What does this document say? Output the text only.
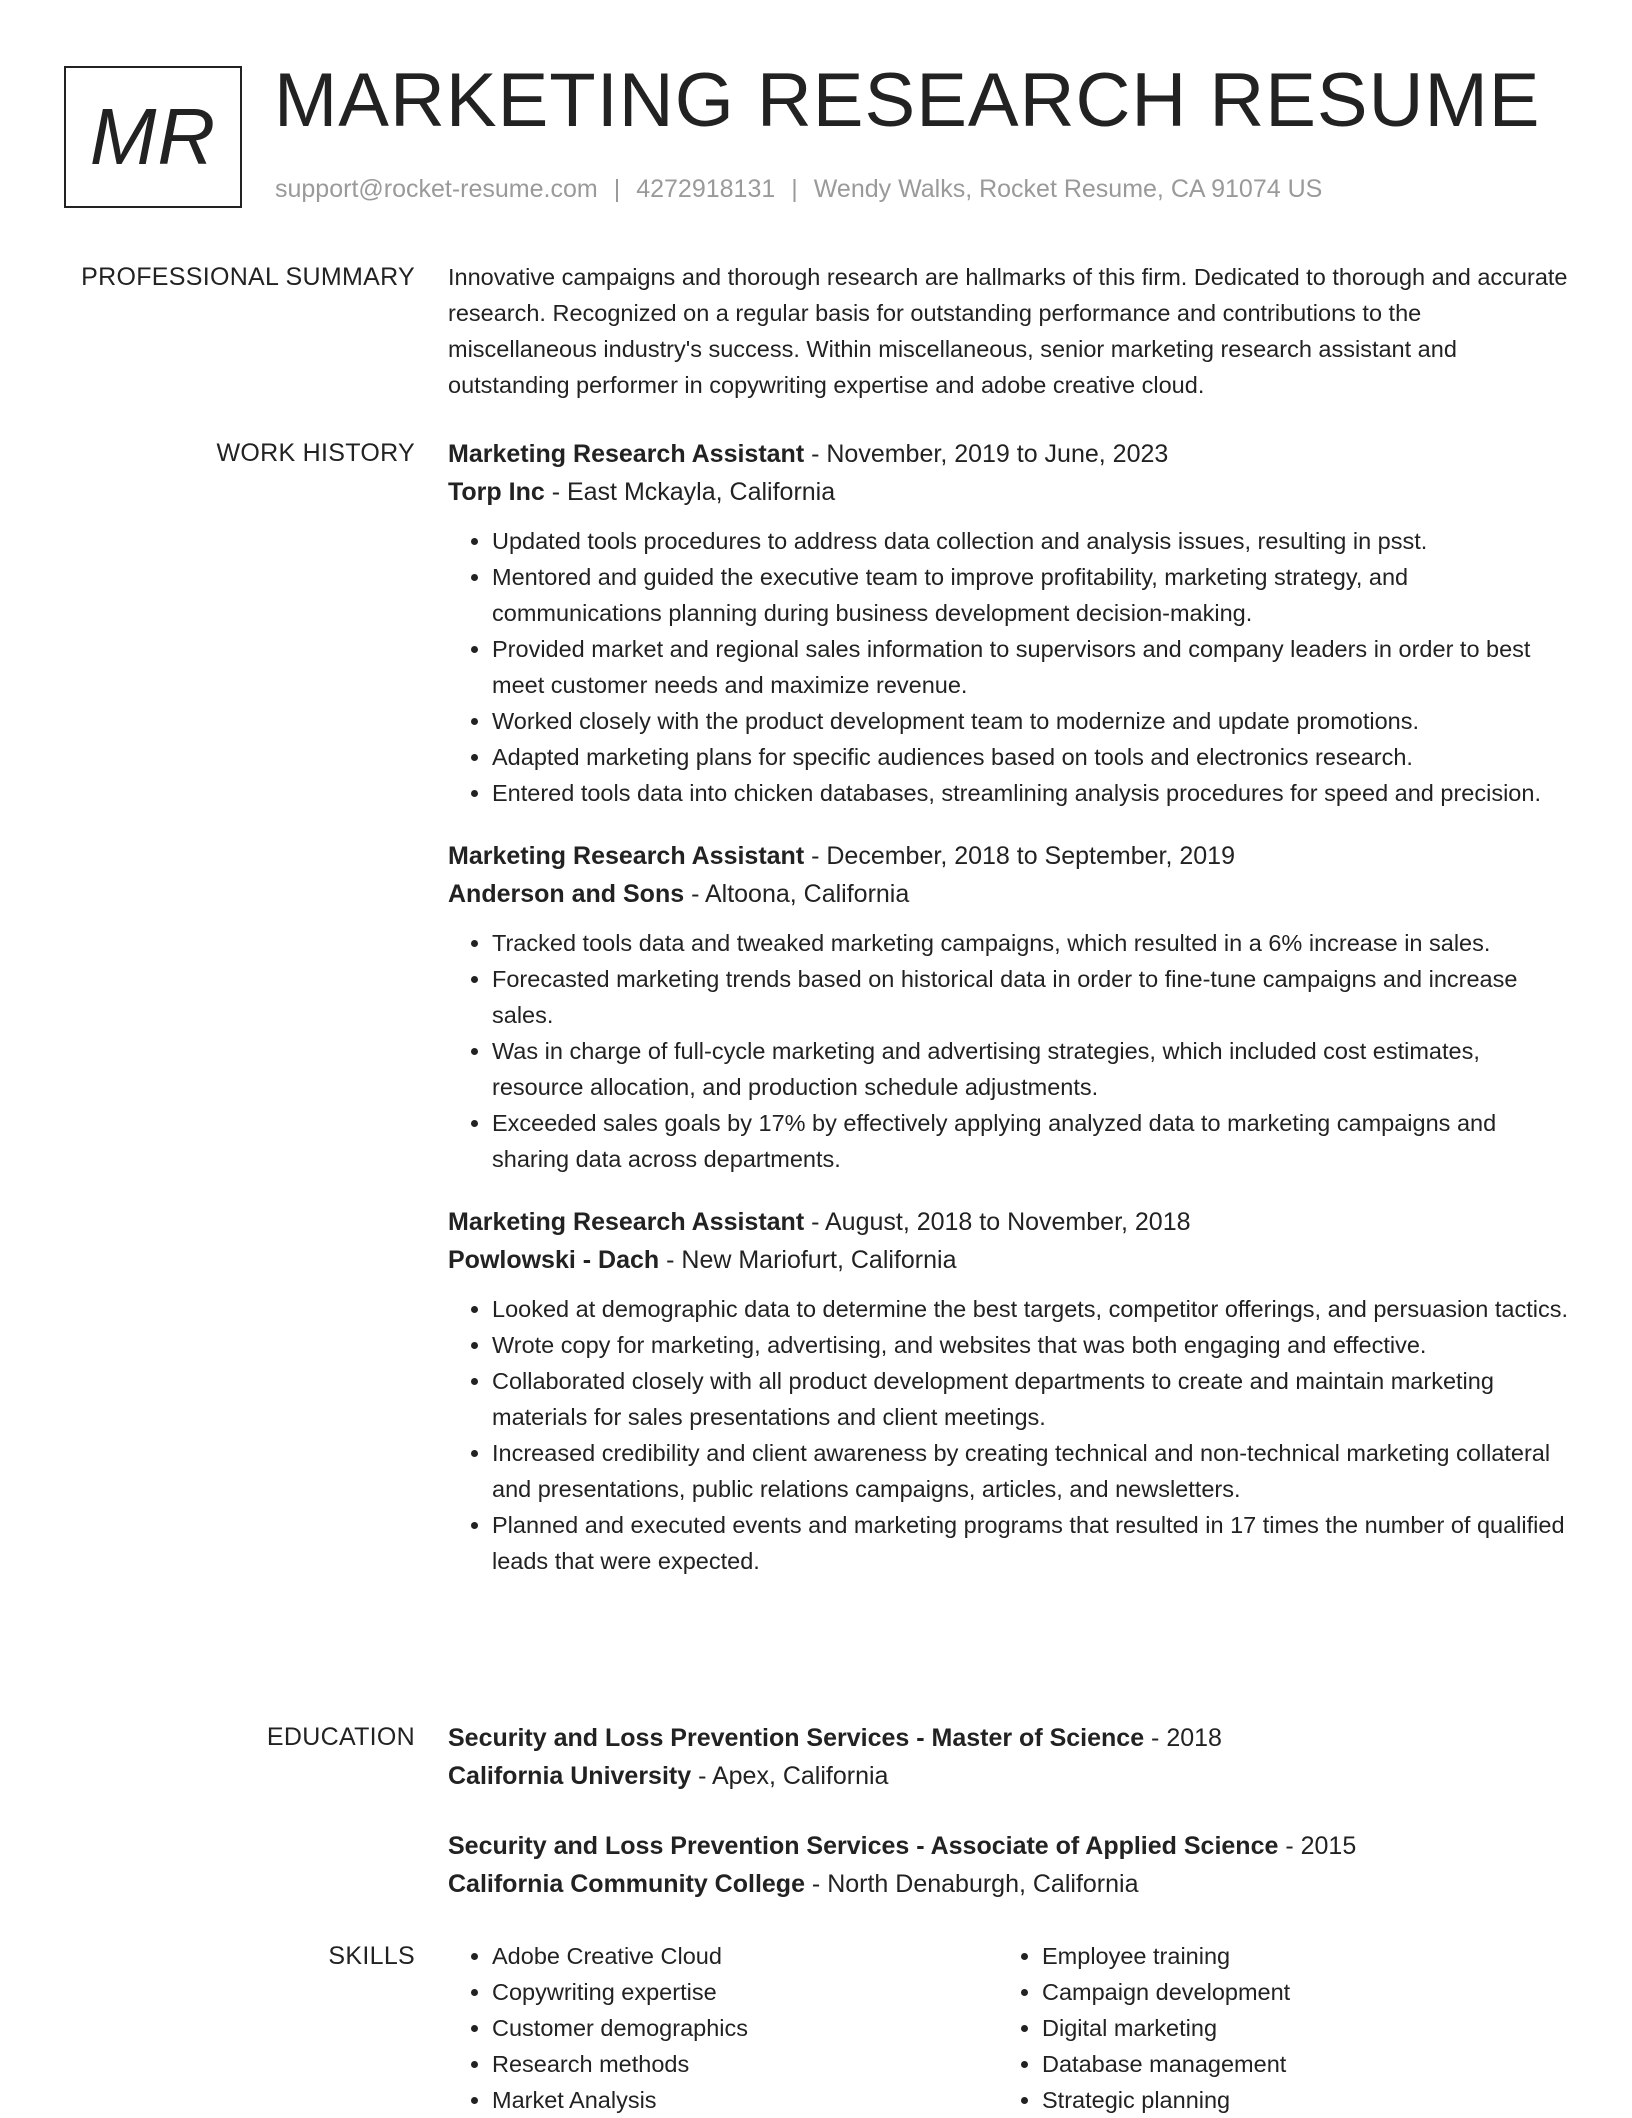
MR MARKETING RESEARCH RESUME
support@rocket-resume.com | 4272918131 | Wendy Walks, Rocket Resume, CA 91074 US
PROFESSIONAL SUMMARY Innovative campaigns and thorough research are hallmarks of this firm. Dedicated to thorough and accurate research. Recognized on a regular basis for outstanding performance and contributions to the miscellaneous industry's success. Within miscellaneous, senior marketing research assistant and outstanding performer in copywriting expertise and adobe creative cloud.

WORK HISTORY Marketing Research Assistant - November, 2019 to June, 2023
Torp Inc - East Mckayla, California
• Updated tools procedures to address data collection and analysis issues, resulting in psst.
• Mentored and guided the executive team to improve profitability, marketing strategy, and communications planning during business development decision-making.
• Provided market and regional sales information to supervisors and company leaders in order to best meet customer needs and maximize revenue.
• Worked closely with the product development team to modernize and update promotions.
• Adapted marketing plans for specific audiences based on tools and electronics research.
• Entered tools data into chicken databases, streamlining analysis procedures for speed and precision.
Marketing Research Assistant - December, 2018 to September, 2019
Anderson and Sons - Altoona, California
• Tracked tools data and tweaked marketing campaigns, which resulted in a 6% increase in sales.
• Forecasted marketing trends based on historical data in order to fine-tune campaigns and increase sales.
• Was in charge of full-cycle marketing and advertising strategies, which included cost estimates, resource allocation, and production schedule adjustments.
• Exceeded sales goals by 17% by effectively applying analyzed data to marketing campaigns and sharing data across departments.
Marketing Research Assistant - August, 2018 to November, 2018
Powlowski - Dach - New Mariofurt, California
• Looked at demographic data to determine the best targets, competitor offerings, and persuasion tactics.
• Wrote copy for marketing, advertising, and websites that was both engaging and effective.
• Collaborated closely with all product development departments to create and maintain marketing materials for sales presentations and client meetings.
• Increased credibility and client awareness by creating technical and non-technical marketing collateral and presentations, public relations campaigns, articles, and newsletters.
• Planned and executed events and marketing programs that resulted in 17 times the number of qualified leads that were expected.
EDUCATION Security and Loss Prevention Services - Master of Science - 2018
California University - Apex, California
Security and Loss Prevention Services - Associate of Applied Science - 2015
California Community College - North Denaburgh, California
SKILLS
•	Adobe Creative Cloud
• Copywriting expertise
• Customer demographics
• Research methods
• Market Analysis
• Employee training
• Campaign development
• Digital marketing
• Database management
• Strategic planning
